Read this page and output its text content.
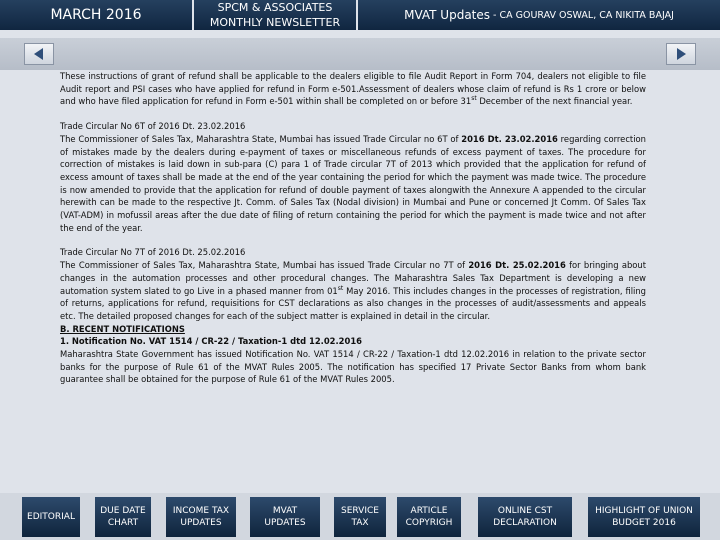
MARCH 2016	SPCM & ASSOCIATES
MONTHLY NEWSLETTER
MVAT Updates - CA GOURAV OSWAL, CA NIKITA BAJAJ

These instructions of grant of refund shall be applicable to the dealers eligible to file Audit Report in Form 704, dealers not eligible to file Audit report and PSI cases who have applied for refund in Form e-501.Assessment of dealers whose claim of refund is Rs 1 crore or below and who have filed application for refund in Form e-501 within shall be completed on or before 31st December of the next financial year.

Trade Circular No 6T of 2016 Dt. 23.02.2016

The Commissioner of Sales Tax, Maharashtra State, Mumbai has issued Trade Circular no 6T of 2016 Dt. 23.02.2016 regarding correction of mistakes made by the dealers during e-payment of taxes or miscellaneous refunds of excess payment of taxes. The procedure for correction of mistakes is laid down in sub-para (C) para 1 of Trade circular 7T of 2013 which provided that the application for refund of excess amount of taxes shall be made at the end of the year containing the period for which the payment was made twice. The procedure is now amended to provide that the application for refund of double payment of taxes alongwith the Annexure A appended to the circular herewith can be made to the respective Jt. Comm. of Sales Tax (Nodal division) in Mumbai and Pune or concerned Jt Comm. Of Sales Tax (VAT-ADM) in mofussil areas after the due date of filing of return containing the period for which the payment is made twice and not after the end of the year.

Trade Circular No 7T of 2016 Dt. 25.02.2016

The Commissioner of Sales Tax, Maharashtra State, Mumbai has issued Trade Circular no 7T of 2016 Dt. 25.02.2016 for bringing about changes in the automation processes and other procedural changes. The Maharashtra Sales Tax Department is developing a new automation system slated to go Live in a phased manner from 01st May 2016. This includes changes in the processes of registration, filing of returns, applications for refund, requisitions for CST declarations as also changes in the processes of audit/assessments and appeals etc. The detailed proposed changes for each of the subject matter is explained in detail in the circular.

B. RECENT NOTIFICATIONS

1. Notification No. VAT 1514 / CR-22 / Taxation-1 dtd 12.02.2016

Maharashtra State Government has issued Notification No. VAT 1514 / CR-22 / Taxation-1 dtd 12.02.2016 in relation to the private sector banks for the purpose of Rule 61 of the MVAT Rules 2005. The notification has specified 17 Private Sector Banks from whom bank guarantee shall be obtained for the purpose of Rule 61 of the MVAT Rules 2005.

EDITORIAL
DUE DATE CHART
INCOME TAX UPDATES
MVAT UPDATES
SERVICE TAX
ARTICLE COPYRIGH
ONLINE CST DECLARATION
HIGHLIGHT OF UNION BUDGET 2016
